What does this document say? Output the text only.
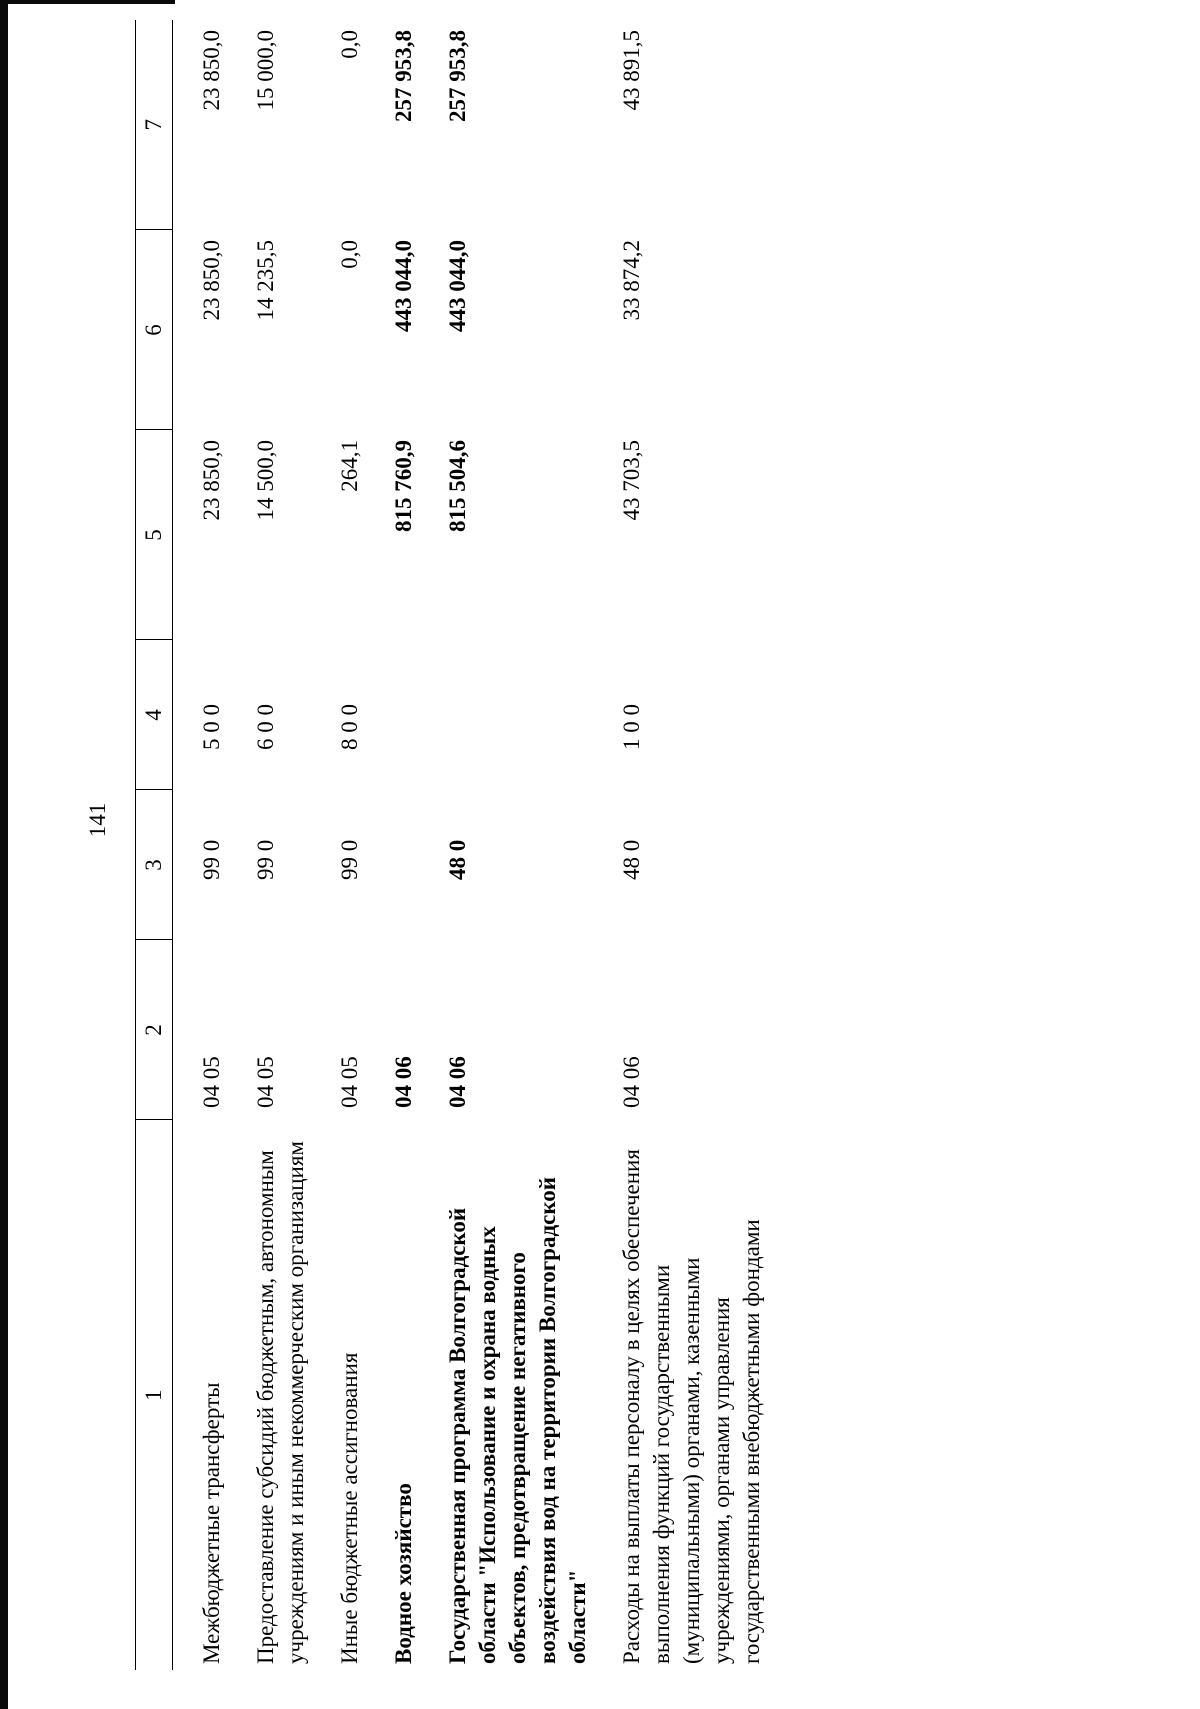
141
1	2	3	4	5	6	7
Межбюджетные трансферты	04 05	99 0	5 0 0	23 850,0	23 850,0	23 850,0
Предоставление субсидий бюджетным, автономным учреждениям и иным некоммерческим организациям	04 05	99 0	6 0 0	14 500,0	14 235,5	15 000,0
Иные бюджетные ассигнования	04 05	99 0	8 0 0	264,1	0,0	0,0
Водное хозяйство	04 06			815 760,9	443 044,0	257 953,8
Государственная программа Волгоградской области "Использование и охрана водных объектов, предотвращение негативного воздействия вод на территории Волгоградской области"	04 06	48 0		815 504,6	443 044,0	257 953,8
Расходы на выплаты персоналу в целях обеспечения выполнения функций государственными (муниципальными) органами, казенными учреждениями, органами управления государственными внебюджетными фондами	04 06	48 0	1 0 0	43 703,5	33 874,2	43 891,5
